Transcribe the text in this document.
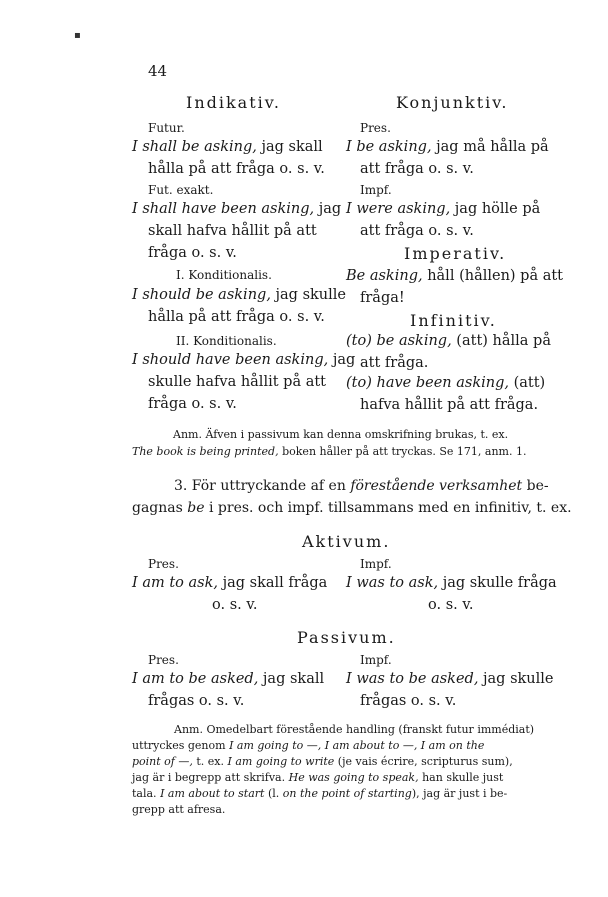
▪
44
Indikativ.
Futur.
I shall be asking, jag skall
hålla på att fråga o. s. v.
Fut. exakt.
I shall have been asking, jag
skall hafva hållit på att
fråga o. s. v.
I. Konditionalis.
I should be asking, jag skulle
hålla på att fråga o. s. v.
II. Konditionalis.
I should have been asking, jag
skulle hafva hållit på att
fråga o. s. v.
Konjunktiv.
Pres.
I be asking, jag må hålla på
att fråga o. s. v.
Impf.
I were asking, jag hölle på
att fråga o. s. v.
Imperativ.
Be asking, håll (hållen) på att
fråga!
Infinitiv.
(to) be asking, (att) hålla på
att fråga.
(to) have been asking, (att)
hafva hållit på att fråga.
Anm. Äfven i passivum kan denna omskrifning brukas, t. ex.
The book is being printed, boken håller på att tryckas. Se 171, anm. 1.
3. För uttryckande af en förestående verksamhet be-
gagnas be i pres. och impf. tillsammans med en infinitiv, t. ex.
Aktivum.
Pres.
I am to ask, jag skall fråga
o. s. v.
Impf.
I was to ask, jag skulle fråga
o. s. v.
Passivum.
Pres.
I am to be asked, jag skall
frågas o. s. v.
Impf.
I was to be asked, jag skulle
frågas o. s. v.
Anm. Omedelbart förestående handling (franskt futur immédiat)
uttryckes genom I am going to —, I am about to —, I am on the
point of —, t. ex. I am going to write (je vais écrire, scripturus sum),
jag är i begrepp att skrifva. He was going to speak, han skulle just
tala. I am about to start (l. on the point of starting), jag är just i be-
grepp att afresa.
